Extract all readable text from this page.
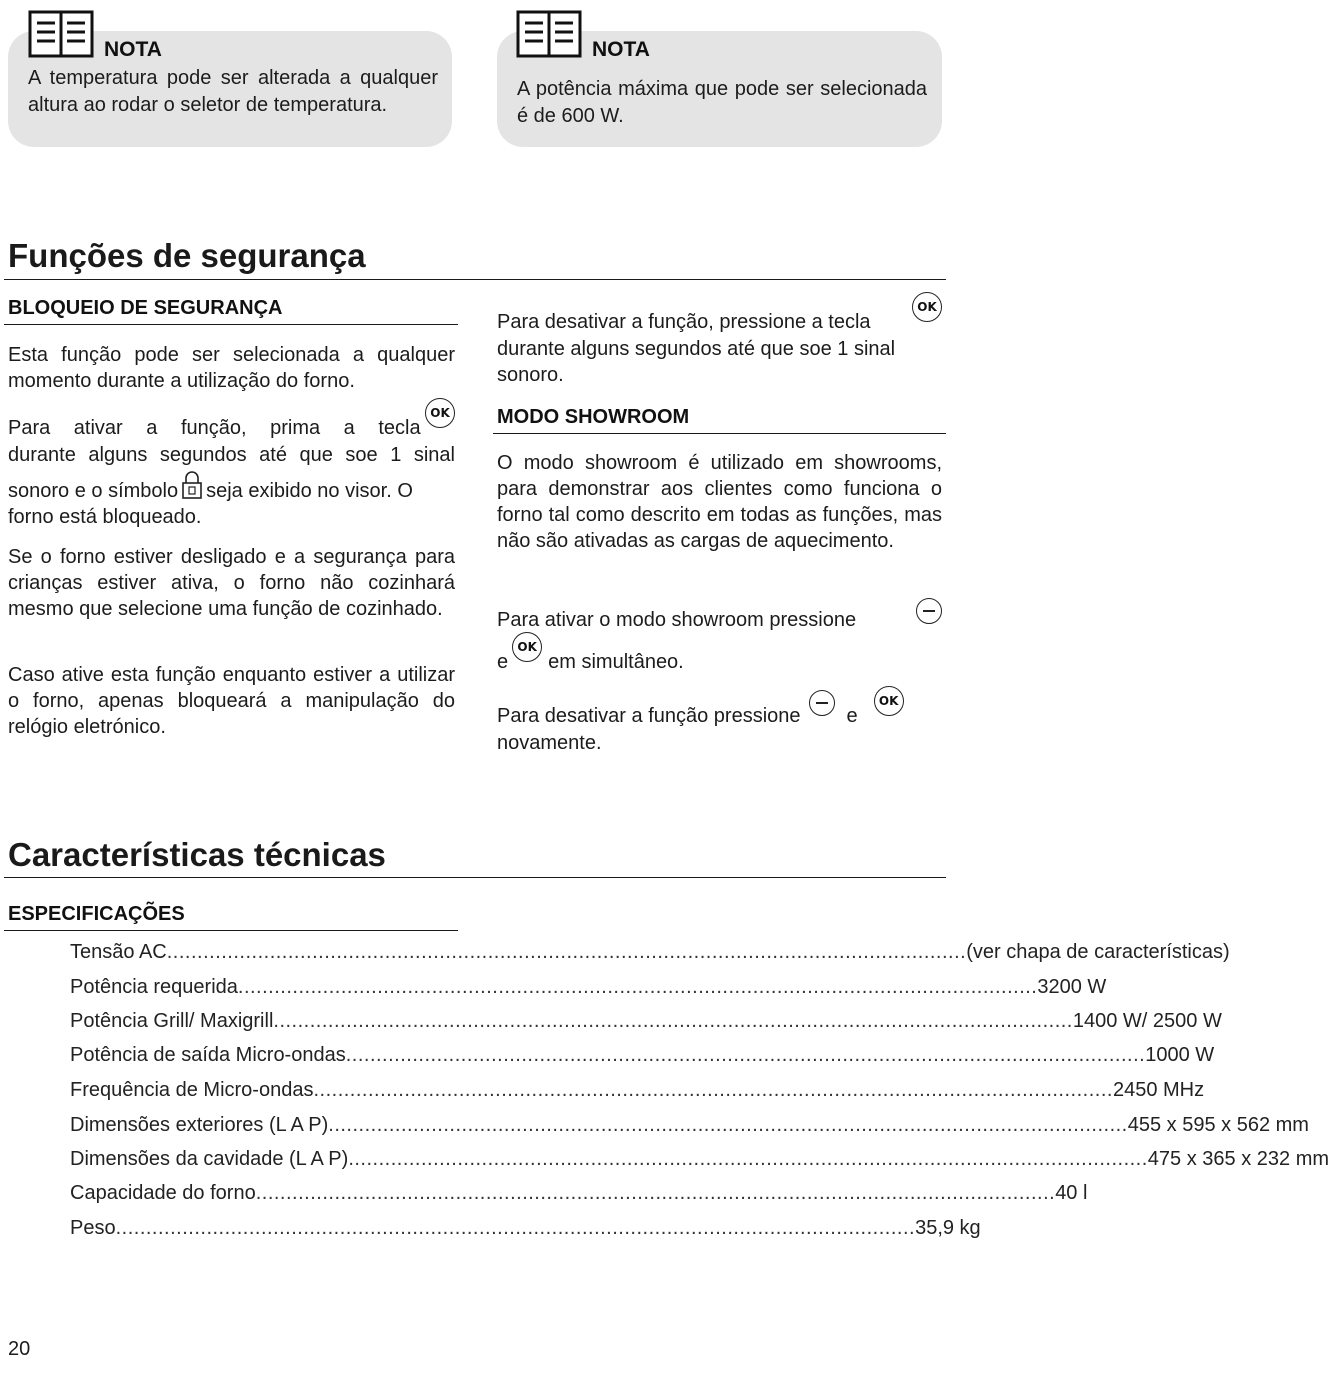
NOTA
A temperatura pode ser alterada a qualquer altura ao rodar o seletor de temperatura.
NOTA
A potência máxima que pode ser selecionada é de 600 W.
Funções de segurança
BLOQUEIO DE SEGURANÇA

Esta função pode ser selecionada a qualquer momento durante a utilização do forno.

Para ativar a função, prima a tecla
OK
durante alguns segundos até que soe 1 sinal
sonoro e o símbolo seja exibido no visor. O
forno está bloqueado.

Se o forno estiver desligado e a segurança para crianças estiver ativa, o forno não cozinhará mesmo que selecione uma função de cozinhado.

Caso ative esta função enquanto estiver a utilizar o forno, apenas bloqueará a manipulação do relógio eletrónico.

Para desativar a função, pressione a tecla
OK
durante alguns segundos até que soe 1 sinal sonoro.
MODO SHOWROOM

O modo showroom é utilizado em showrooms, para demonstrar aos clientes como funciona o forno tal como descrito em todas as funções, mas não são ativadas as cargas de aquecimento.

Para ativar o modo showroom pressione
e
OK
em simultâneo.
Para desativar a função pressione e
OK
novamente.
Características técnicas
ESPECIFICAÇÕES
Tensão AC .................................................................................................................................... (ver chapa de características)
Potência requerida .................................................................................................................................... 3200 W
Potência Grill/ Maxigrill .................................................................................................................................... 1400 W/ 2500 W
Potência de saída Micro-ondas .................................................................................................................................... 1000 W
Frequência de Micro-ondas .................................................................................................................................... 2450 MHz
Dimensões exteriores (L A P) .................................................................................................................................... 455 x 595 x 562 mm
Dimensões da cavidade (L A P) .................................................................................................................................... 475 x 365 x 232 mm
Capacidade do forno .................................................................................................................................... 40 l
Peso .................................................................................................................................... 35,9 kg
20
